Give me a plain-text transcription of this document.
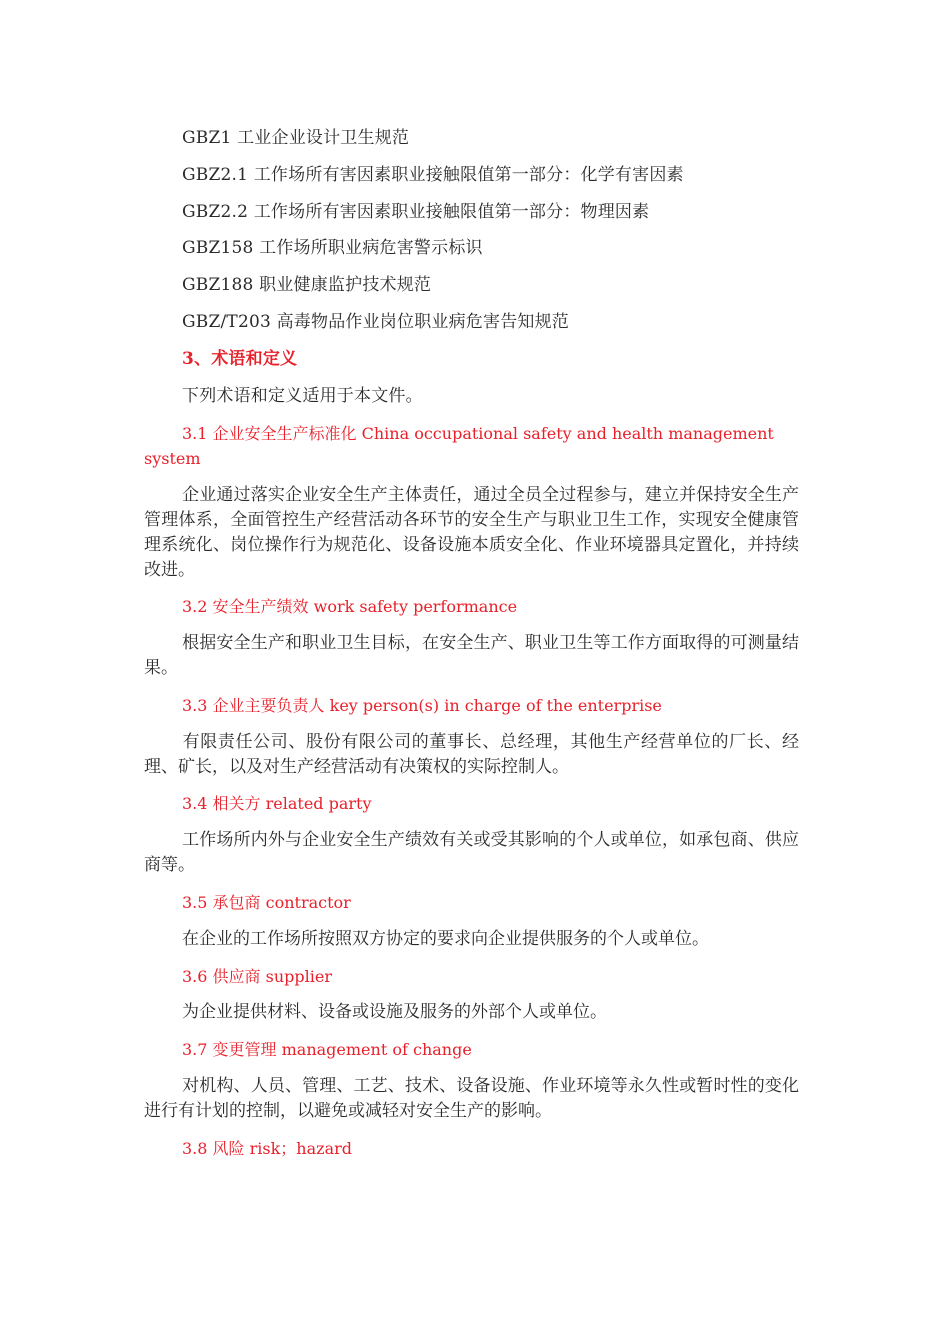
GBZ1 工业企业设计卫生规范
GBZ2.1 工作场所有害因素职业接触限值第一部分：化学有害因素
GBZ2.2 工作场所有害因素职业接触限值第一部分：物理因素
GBZ158 工作场所职业病危害警示标识
GBZ188 职业健康监护技术规范
GBZ/T203 高毒物品作业岗位职业病危害告知规范
3、术语和定义
下列术语和定义适用于本文件。
3.1 企业安全生产标准化 China occupational safety and health management system
企业通过落实企业安全生产主体责任，通过全员全过程参与，建立并保持安全生产管理体系，全面管控生产经营活动各环节的安全生产与职业卫生工作，实现安全健康管理系统化、岗位操作行为规范化、设备设施本质安全化、作业环境器具定置化，并持续改进。
3.2 安全生产绩效 work safety performance
根据安全生产和职业卫生目标，在安全生产、职业卫生等工作方面取得的可测量结果。
3.3 企业主要负责人 key person(s) in charge of the enterprise
有限责任公司、股份有限公司的董事长、总经理，其他生产经营单位的厂长、经理、矿长，以及对生产经营活动有决策权的实际控制人。
3.4 相关方 related party
工作场所内外与企业安全生产绩效有关或受其影响的个人或单位，如承包商、供应商等。
3.5 承包商 contractor
在企业的工作场所按照双方协定的要求向企业提供服务的个人或单位。
3.6 供应商 supplier
为企业提供材料、设备或设施及服务的外部个人或单位。
3.7 变更管理 management of change
对机构、人员、管理、工艺、技术、设备设施、作业环境等永久性或暂时性的变化进行有计划的控制，以避免或减轻对安全生产的影响。
3.8 风险 risk；hazard
